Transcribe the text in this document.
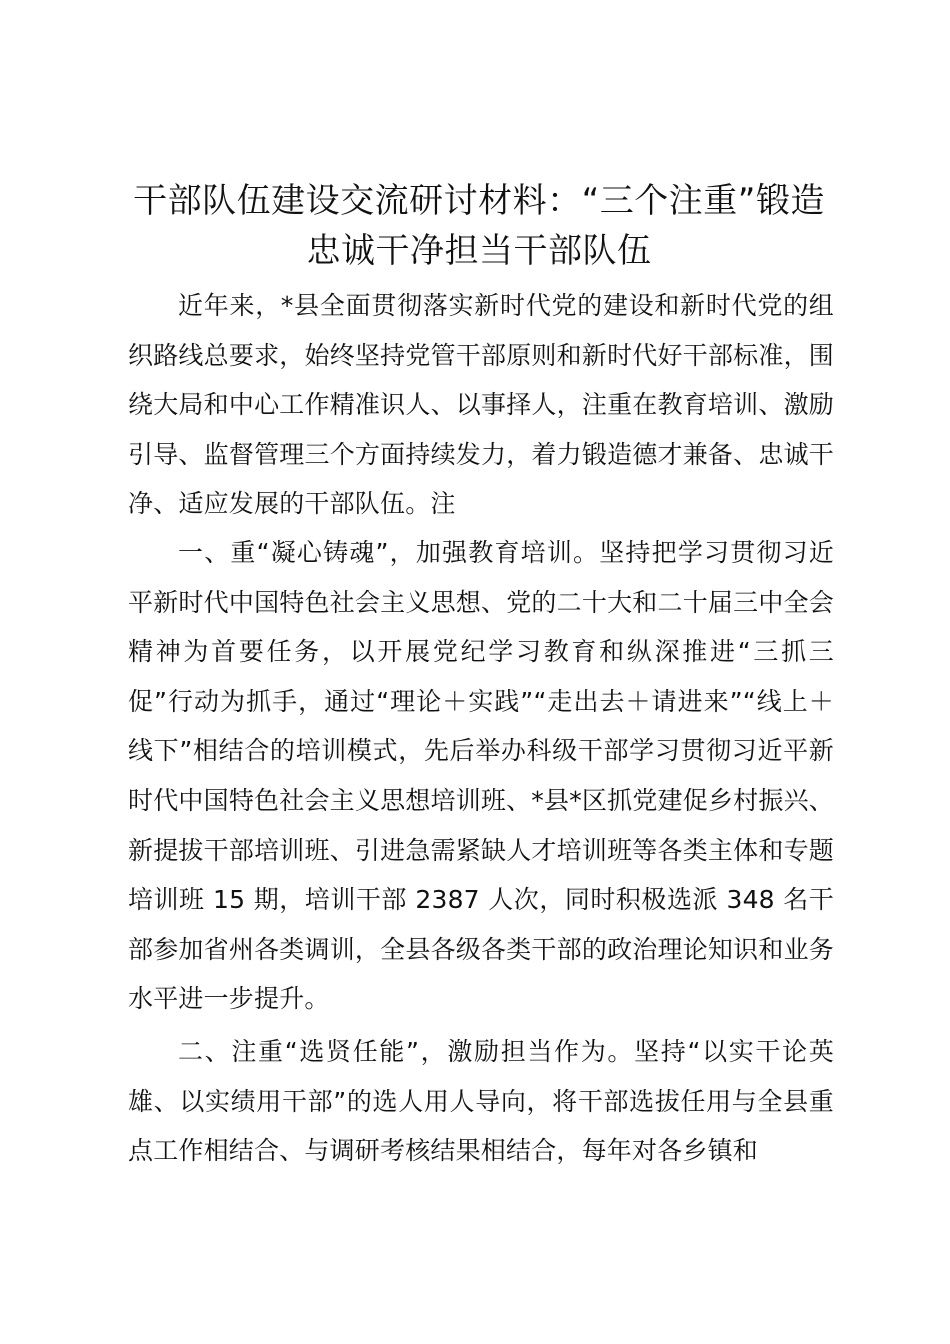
干部队伍建设交流研讨材料：“三个注重”锻造忠诚干净担当干部队伍

近年来，*县全面贯彻落实新时代党的建设和新时代党的组织路线总要求，始终坚持党管干部原则和新时代好干部标准，围绕大局和中心工作精准识人、以事择人，注重在教育培训、激励引导、监督管理三个方面持续发力，着力锻造德才兼备、忠诚干净、适应发展的干部队伍。注

一、重“凝心铸魂”，加强教育培训。坚持把学习贯彻习近平新时代中国特色社会主义思想、党的二十大和二十届三中全会精神为首要任务，以开展党纪学习教育和纵深推进“三抓三促”行动为抓手，通过“理论＋实践”“走出去＋请进来”“线上＋线下”相结合的培训模式，先后举办科级干部学习贯彻习近平新时代中国特色社会主义思想培训班、*县*区抓党建促乡村振兴、新提拔干部培训班、引进急需紧缺人才培训班等各类主体和专题培训班 15 期，培训干部 2387 人次，同时积极选派 348 名干部参加省州各类调训，全县各级各类干部的政治理论知识和业务水平进一步提升。

二、注重“选贤任能”，激励担当作为。坚持“以实干论英雄、以实绩用干部”的选人用人导向，将干部选拔任用与全县重点工作相结合、与调研考核结果相结合，每年对各乡镇和
